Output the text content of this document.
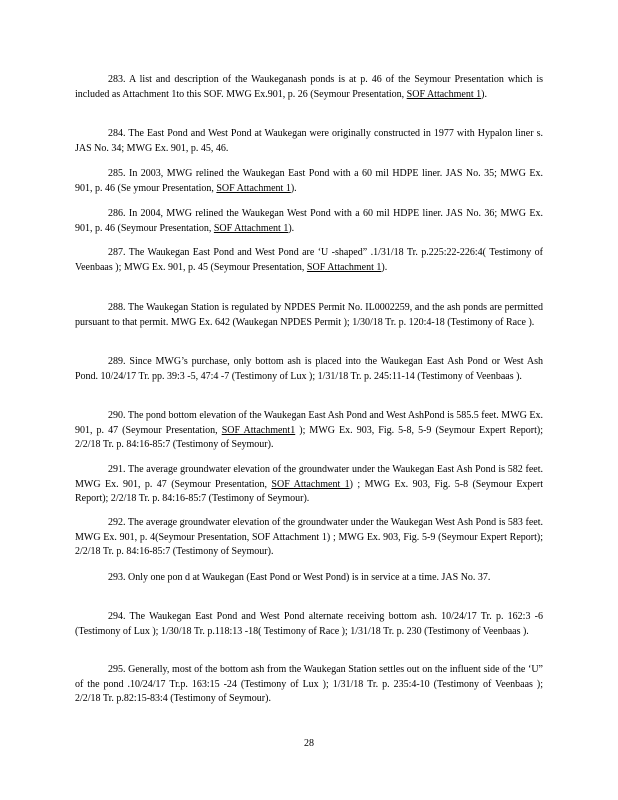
283. A list and description of the Waukeganash ponds is at p. 46 of the Seymour Presentation which is included as Attachment 1to this SOF. MWG Ex.901, p. 26 (Seymour Presentation, SOF Attachment 1).

284. The East Pond and West Pond at Waukegan were originally constructed in 1977 with Hypalon liner s. JAS No. 34; MWG Ex. 901, p. 45, 46.

285. In 2003, MWG relined the Waukegan East Pond with a 60 mil HDPE liner. JAS No. 35; MWG Ex. 901, p. 46 (Se ymour Presentation, SOF Attachment 1).

286. In 2004, MWG relined the Waukegan West Pond with a 60 mil HDPE liner. JAS No. 36; MWG Ex. 901, p. 46 (Seymour Presentation, SOF Attachment 1).

287. The Waukegan East Pond and West Pond are ‘U -shaped” .1/31/18 Tr. p.225:22-226:4( Testimony of Veenbaas ); MWG Ex. 901, p. 45 (Seymour Presentation, SOF Attachment 1).

288. The Waukegan Station is regulated by NPDES Permit No. IL0002259, and the ash ponds are permitted pursuant to that permit. MWG Ex. 642 (Waukegan NPDES Permit ); 1/30/18 Tr. p. 120:4-18 (Testimony of Race ).

289. Since MWG’s purchase, only bottom ash is placed into the Waukegan East Ash Pond or West Ash Pond. 10/24/17 Tr. pp. 39:3 -5, 47:4 -7 (Testimony of Lux ); 1/31/18 Tr. p. 245:11-14 (Testimony of Veenbaas ).

290. The pond bottom elevation of the Waukegan East Ash Pond and West AshPond is 585.5 feet. MWG Ex. 901, p. 47 (Seymour Presentation, SOF Attachment1 ); MWG Ex. 903, Fig. 5-8, 5-9 (Seymour Expert Report); 2/2/18 Tr. p. 84:16-85:7 (Testimony of Seymour).

291. The average groundwater elevation of the groundwater under the Waukegan East Ash Pond is 582 feet. MWG Ex. 901, p. 47 (Seymour Presentation, SOF Attachment 1) ; MWG Ex. 903, Fig. 5-8 (Seymour Expert Report); 2/2/18 Tr. p. 84:16-85:7 (Testimony of Seymour).

292. The average groundwater elevation of the groundwater under the Waukegan West Ash Pond is 583 feet. MWG Ex. 901, p. 4(Seymour Presentation, SOF Attachment 1) ; MWG Ex. 903, Fig. 5-9 (Seymour Expert Report); 2/2/18 Tr. p. 84:16-85:7 (Testimony of Seymour).

293. Only one pon d at Waukegan (East Pond or West Pond) is in service at a time. JAS No. 37.

294. The Waukegan East Pond and West Pond alternate receiving bottom ash. 10/24/17 Tr. p. 162:3 -6 (Testimony of Lux ); 1/30/18 Tr. p.118:13 -18( Testimony of Race ); 1/31/18 Tr. p. 230 (Testimony of Veenbaas ).

295. Generally, most of the bottom ash from the Waukegan Station settles out on the influent side of the ‘U” of the pond .10/24/17 Tr.p. 163:15 -24 (Testimony of Lux ); 1/31/18 Tr. p. 235:4-10 (Testimony of Veenbaas ); 2/2/18 Tr. p.82:15-83:4 (Testimony of Seymour).

28
